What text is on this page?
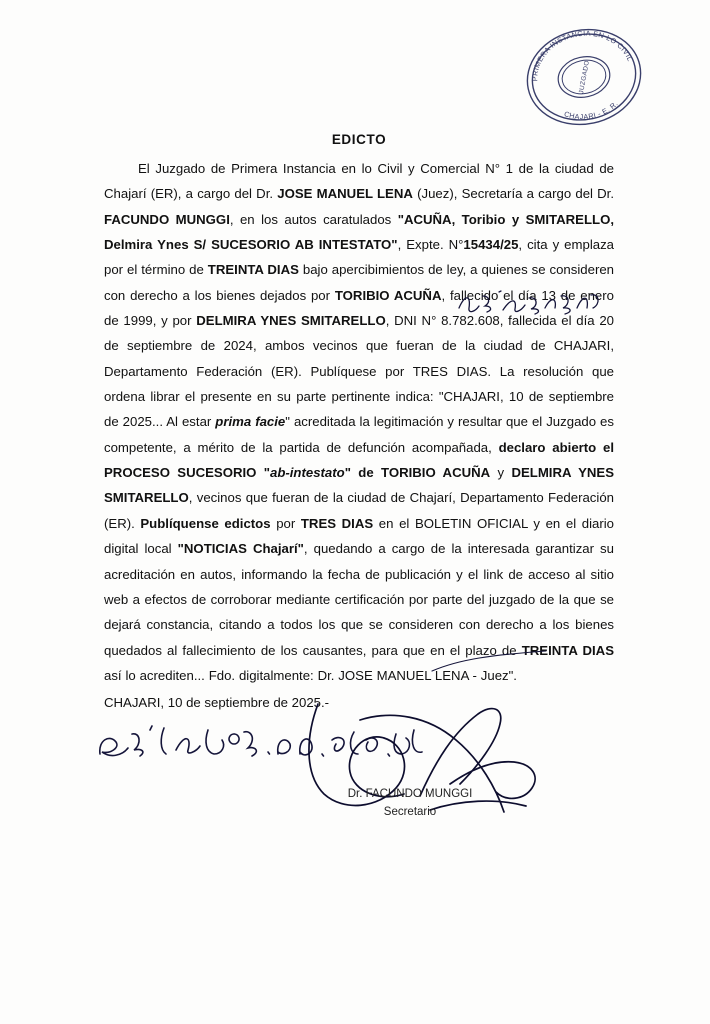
PRIMERA INSTANCIA EN LO CIVIL
CHAJARI - E. R.
JUZGADO
EDICTO
El Juzgado de Primera Instancia en lo Civil y Comercial N° 1 de la ciudad de Chajarí (ER), a cargo del Dr. JOSE MANUEL LENA (Juez), Secretaría a cargo del Dr. FACUNDO MUNGGI, en los autos caratulados "ACUÑA, Toribio y SMITARELLO, Delmira Ynes S/ SUCESORIO AB INTESTATO", Expte. N°15434/25, cita y emplaza por el término de TREINTA DIAS bajo apercibimientos de ley, a quienes se consideren con derecho a los bienes dejados por TORIBIO ACUÑA, fallecido el día 13 de enero de 1999, y por DELMIRA YNES SMITARELLO, DNI N° 8.782.608, fallecida el día 20 de septiembre de 2024, ambos vecinos que fueran de la ciudad de CHAJARI, Departamento Federación (ER). Publíquese por TRES DIAS. La resolución que ordena librar el presente en su parte pertinente indica: "CHAJARI, 10 de septiembre de 2025... Al estar prima facie" acreditada la legitimación y resultar que el Juzgado es competente, a mérito de la partida de defunción acompañada, declaro abierto el PROCESO SUCESORIO "ab-intestato" de TORIBIO ACUÑA y DELMIRA YNES SMITARELLO, vecinos que fueran de la ciudad de Chajarí, Departamento Federación (ER). Publíquense edictos por TRES DIAS en el BOLETIN OFICIAL y en el diario digital local "NOTICIAS Chajarí", quedando a cargo de la interesada garantizar su acreditación en autos, informando la fecha de publicación y el link de acceso al sitio web a efectos de corroborar mediante certificación por parte del juzgado de la que se dejará constancia, citando a todos los que se consideren con derecho a los bienes quedados al fallecimiento de los causantes, para que en el plazo de TREINTA DIAS así lo acrediten... Fdo. digitalmente: Dr. JOSE MANUEL LENA - Juez".
CHAJARI, 10 de septiembre de 2025.-
Dr. FACUNDO MUNGGI
Secretario
